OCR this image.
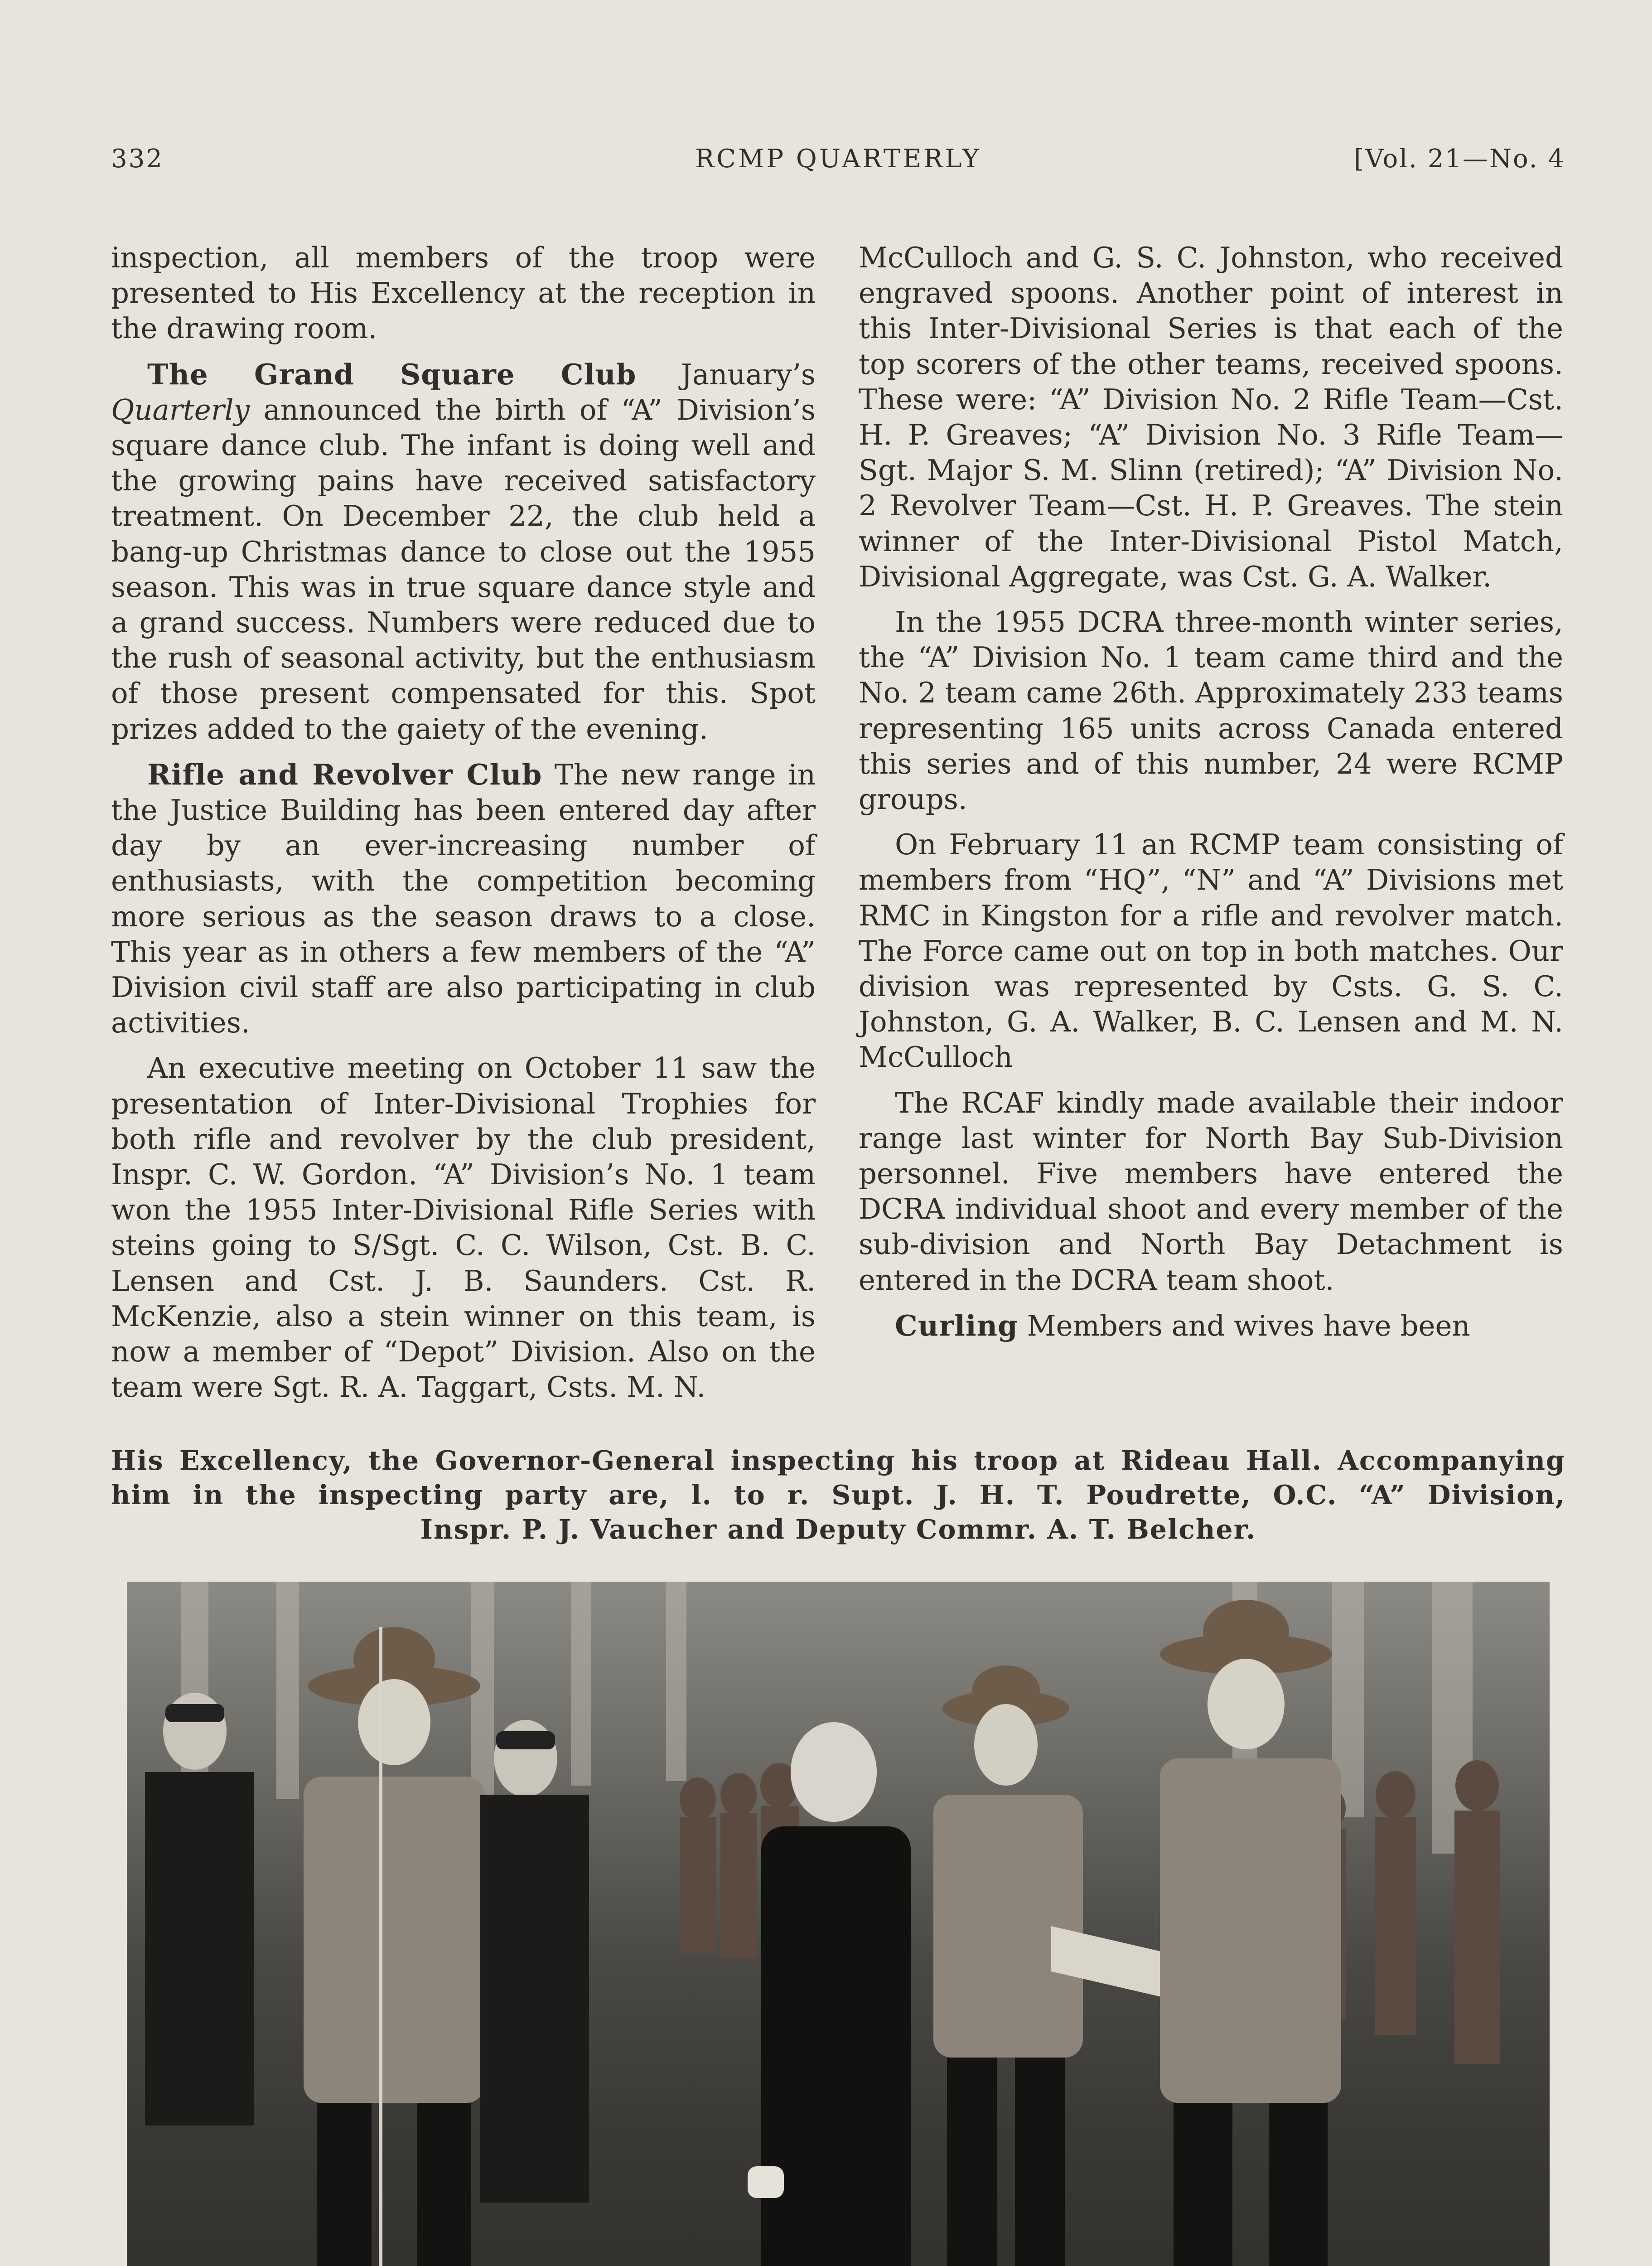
332	RCMP QUARTERLY	[Vol. 21—No. 4

inspection, all members of the troop were presented to His Excellency at the reception in the drawing room.

The Grand Square Club January’s Quarterly announced the birth of “A” Division’s square dance club. The infant is doing well and the growing pains have received satisfactory treatment. On December 22, the club held a bang-up Christmas dance to close out the 1955 season. This was in true square dance style and a grand success. Numbers were reduced due to the rush of seasonal activity, but the enthusiasm of those present compensated for this. Spot prizes added to the gaiety of the evening.

Rifle and Revolver Club The new range in the Justice Building has been entered day after day by an ever-increasing number of enthusiasts, with the competition becoming more serious as the season draws to a close. This year as in others a few members of the “A” Division civil staff are also participating in club activities.

An executive meeting on October 11 saw the presentation of Inter-Divisional Trophies for both rifle and revolver by the club president, Inspr. C. W. Gordon. “A” Division’s No. 1 team won the 1955 Inter-Divisional Rifle Series with steins going to S/Sgt. C. C. Wilson, Cst. B. C. Lensen and Cst. J. B. Saunders. Cst. R. McKenzie, also a stein winner on this team, is now a member of “Depot” Division. Also on the team were Sgt. R. A. Taggart, Csts. M. N.

McCulloch and G. S. C. Johnston, who received engraved spoons. Another point of interest in this Inter-Divisional Series is that each of the top scorers of the other teams, received spoons. These were: “A” Division No. 2 Rifle Team—Cst. H. P. Greaves; “A” Division No. 3 Rifle Team—Sgt. Major S. M. Slinn (retired); “A” Division No. 2 Revolver Team—Cst. H. P. Greaves. The stein winner of the Inter-Divisional Pistol Match, Divisional Aggregate, was Cst. G. A. Walker.

In the 1955 DCRA three-month winter series, the “A” Division No. 1 team came third and the No. 2 team came 26th. Approximately 233 teams representing 165 units across Canada entered this series and of this number, 24 were RCMP groups.

On February 11 an RCMP team consisting of members from “HQ”, “N” and “A” Divisions met RMC in Kingston for a rifle and revolver match. The Force came out on top in both matches. Our division was represented by Csts. G. S. C. Johnston, G. A. Walker, B. C. Lensen and M. N. McCulloch

The RCAF kindly made available their indoor range last winter for North Bay Sub-Division personnel. Five members have entered the DCRA individual shoot and every member of the sub-division and North Bay Detachment is entered in the DCRA team shoot.

Curling Members and wives have been

His Excellency, the Governor-General inspecting his troop at Rideau Hall. Accompanying
him in the inspecting party are, l. to r. Supt. J. H. T. Poudrette, O.C. “A” Division,
Inspr. P. J. Vaucher and Deputy Commr. A. T. Belcher.
